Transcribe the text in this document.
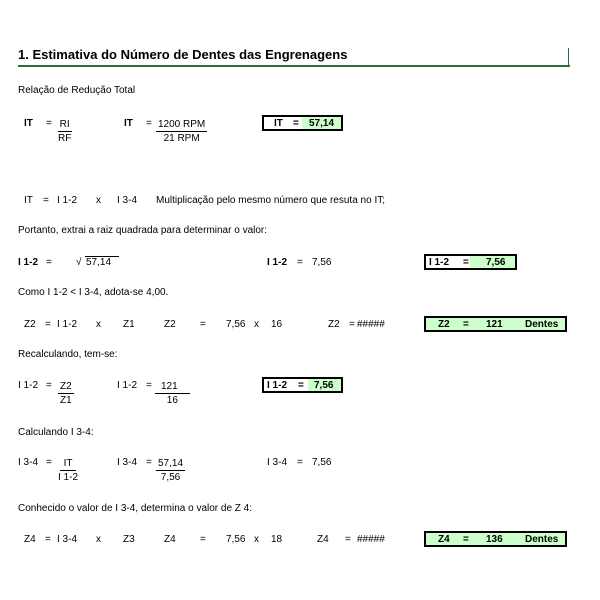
1. Estimativa do Número de Dentes das Engrenagens
Relação de Redução Total
IT = $\frac{RI}{RF}$	IT = 1200 RPM
21 RPM
IT = 57,14
IT = I 1-2 x I 3-4 Multiplicação pelo mesmo número que resuta no IT;
Portanto, extrai a raiz quadrada para determinar o valor:
I 1-2 = √ 57,14	I 1-2 = 7,56	I 1-2 = 7,56
Como I 1-2 < I 3-4, adota-se 4,00.
Z2 = I 1-2 x Z1	Z2 = 7,56 x 16	Z2 = #####	Z2 = 121 Dentes
Recalculando, tem-se:
I $1-2 = \frac{Z2}{Z1}$	I $1-2 = \frac{121}{16}$	I 1-2 = 7,56
Calculando I 3-4:
I $3-4 = \frac{IT}{I 1-2}$	I $3-4 = \frac{57,14}{7,56}$	I 3-4 = 7,56
Conhecido o valor de I 3-4, determina o valor de Z 4:
Z4 = I 3-4 x Z3	Z4 = 7,56 x 18	Z4 = #####	Z4 = 136 Dentes
